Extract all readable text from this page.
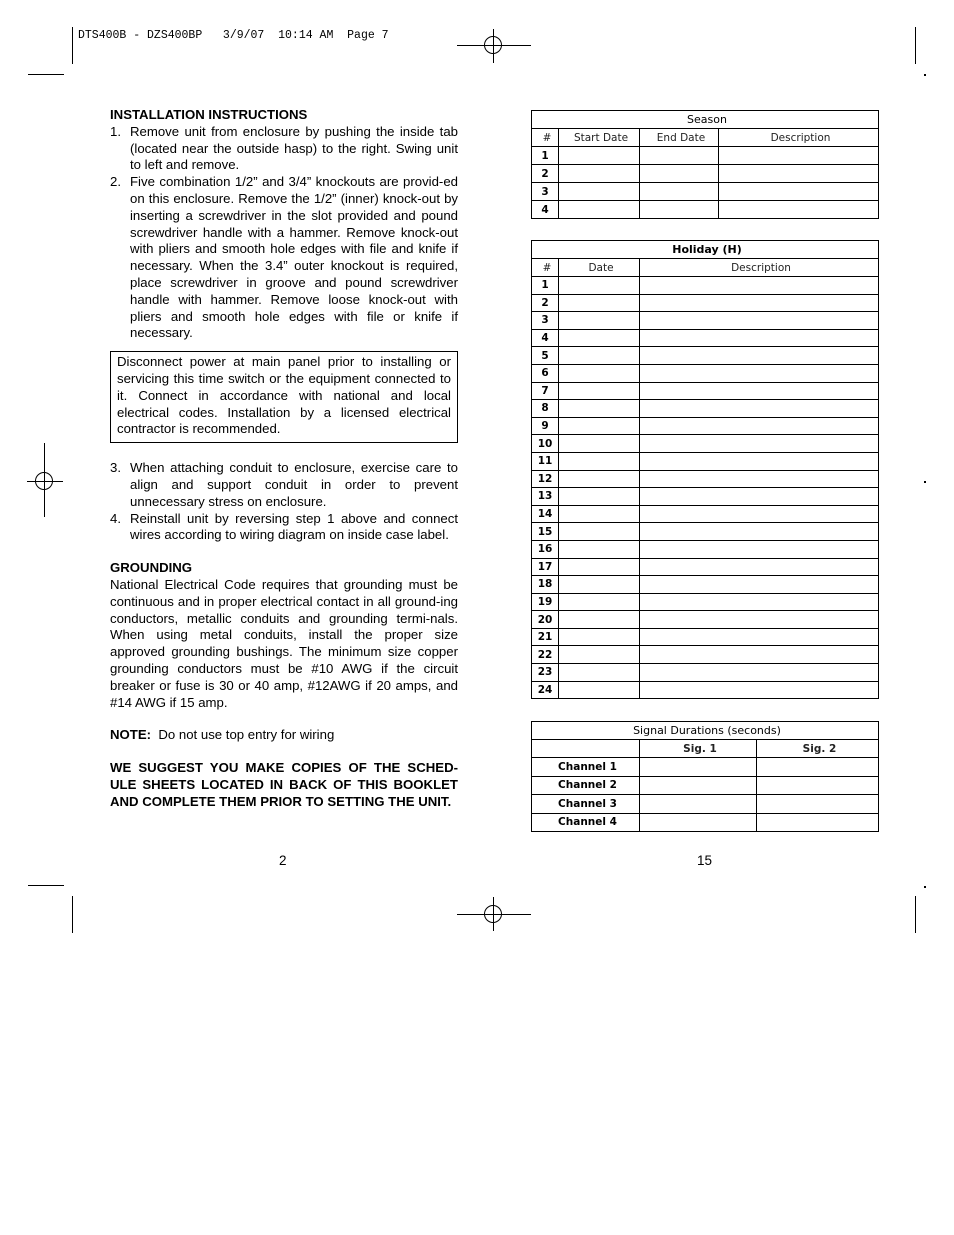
DTS400B - DZS400BP   3/9/07  10:14 AM  Page 7
INSTALLATION INSTRUCTIONS
1. Remove unit from enclosure by pushing the inside tab (located near the outside hasp) to the right. Swing unit to left and remove.
2. Five combination 1/2” and 3/4” knockouts are provid-ed on this enclosure. Remove the 1/2” (inner) knock-out by inserting a screwdriver in the slot provided and pound screwdriver handle with a hammer. Remove knock-out with pliers and smooth hole edges with file and knife if necessary. When the 3.4” outer knockout is required, place screwdriver in groove and pound screwdriver handle with hammer. Remove loose knock-out with pliers and smooth hole edges with file or knife if necessary.

Disconnect power at main panel prior to installing or servicing this time switch or the equipment connected to it. Connect in accordance with national and local electrical codes. Installation by a licensed electrical contractor is recommended.

3. When attaching conduit to enclosure, exercise care to align and support conduit in order to prevent unnecessary stress on enclosure.
4. Reinstall unit by reversing step 1 above and connect wires according to wiring diagram on inside case label.
GROUNDING

National Electrical Code requires that grounding must be continuous and in proper electrical contact in all ground-ing conductors, metallic conduits and grounding termi-nals. When using metal conduits, install the proper size approved grounding bushings. The minimum size copper grounding conductors must be #10 AWG if the circuit breaker or fuse is 30 or 40 amp, #12AWG if 20 amps, and #14 AWG if 15 amp.

NOTE: Do not use top entry for wiring

WE SUGGEST YOU MAKE COPIES OF THE SCHED-ULE SHEETS LOCATED IN BACK OF THIS BOOKLET AND COMPLETE THEM PRIOR TO SETTING THE UNIT.

2	15
Season			
#	Start Date	End Date	Description
1			
2			
3			
4			
Holiday (H)		
#	Date	Description
1		
2		
3		
4		
5		
6		
7		
8		
9		
10		
11		
12		
13		
14		
15		
16		
17		
18		
19		
20		
21		
22		
23		
24		
Signal Durations (seconds)		
	Sig. 1	Sig. 2
Channel 1		
Channel 2		
Channel 3		
Channel 4		
